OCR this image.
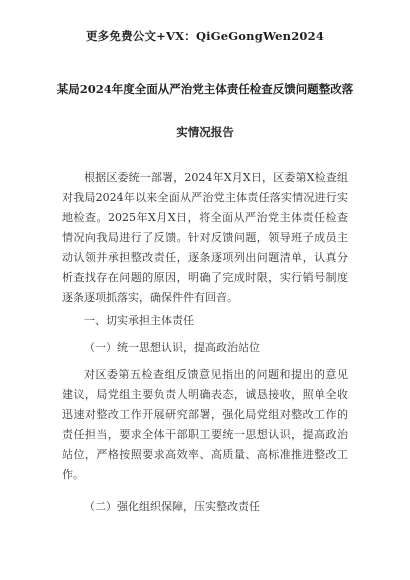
更多免费公文+VX：QiGeGongWen2024
某局2024年度全面从严治党主体责任检查反馈问题整改落
实情况报告
根据区委统一部署，2024年X月X日，区委第X检查组
对我局2024年以来全面从严治党主体责任落实情况进行实
地检查。2025年X月X日，将全面从严治党主体责任检查
情况向我局进行了反馈。针对反馈问题，领导班子成员主
动认领并承担整改责任，逐条逐项列出问题清单，认真分
析查找存在问题的原因，明确了完成时限，实行销号制度
逐条逐项抓落实，确保件件有回音。
一、切实承担主体责任
（一）统一思想认识，提高政治站位
对区委第五检查组反馈意见指出的问题和提出的意见
建议，局党组主要负责人明确表态，诚恳接收，照单全收
迅速对整改工作开展研究部署，强化局党组对整改工作的
责任担当，要求全体干部职工要统一思想认识，提高政治
站位，严格按照要求高效率、高质量、高标准推进整改工
作。
（二）强化组织保障，压实整改责任
